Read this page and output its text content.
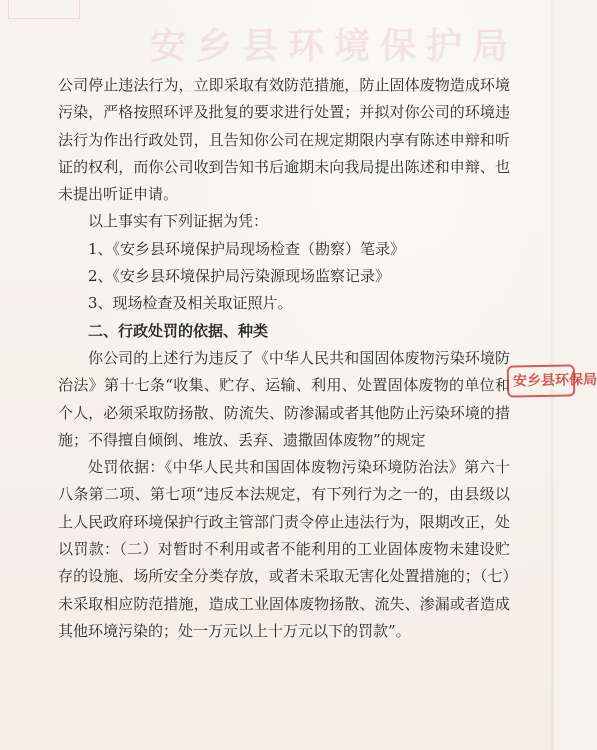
安乡县环境保护局

公司停止违法行为，立即采取有效防范措施，防止固体废物造成环境污染，严格按照环评及批复的要求进行处置；并拟对你公司的环境违法行为作出行政处罚，且告知你公司在规定期限内享有陈述申辩和听证的权利，而你公司收到告知书后逾期未向我局提出陈述和申辩、也未提出听证申请。

以上事实有下列证据为凭：

1、《安乡县环境保护局现场检查（勘察）笔录》

2、《安乡县环境保护局污染源现场监察记录》

3、现场检查及相关取证照片。

二、行政处罚的依据、种类

你公司的上述行为违反了《中华人民共和国固体废物污染环境防治法》第十七条“收集、贮存、运输、利用、处置固体废物的单位和个人，必须采取防扬散、防流失、防渗漏或者其他防止污染环境的措施；不得擅自倾倒、堆放、丢弃、遗撒固体废物”的规定

处罚依据：《中华人民共和国固体废物污染环境防治法》第六十八条第二项、第七项“违反本法规定，有下列行为之一的，由县级以上人民政府环境保护行政主管部门责令停止违法行为，限期改正，处以罚款：（二）对暂时不利用或者不能利用的工业固体废物未建设贮存的设施、场所安全分类存放，或者未采取无害化处置措施的；（七）未采取相应防范措施，造成工业固体废物扬散、流失、渗漏或者造成其他环境污染的；处一万元以上十万元以下的罚款”。

安乡县环保局
